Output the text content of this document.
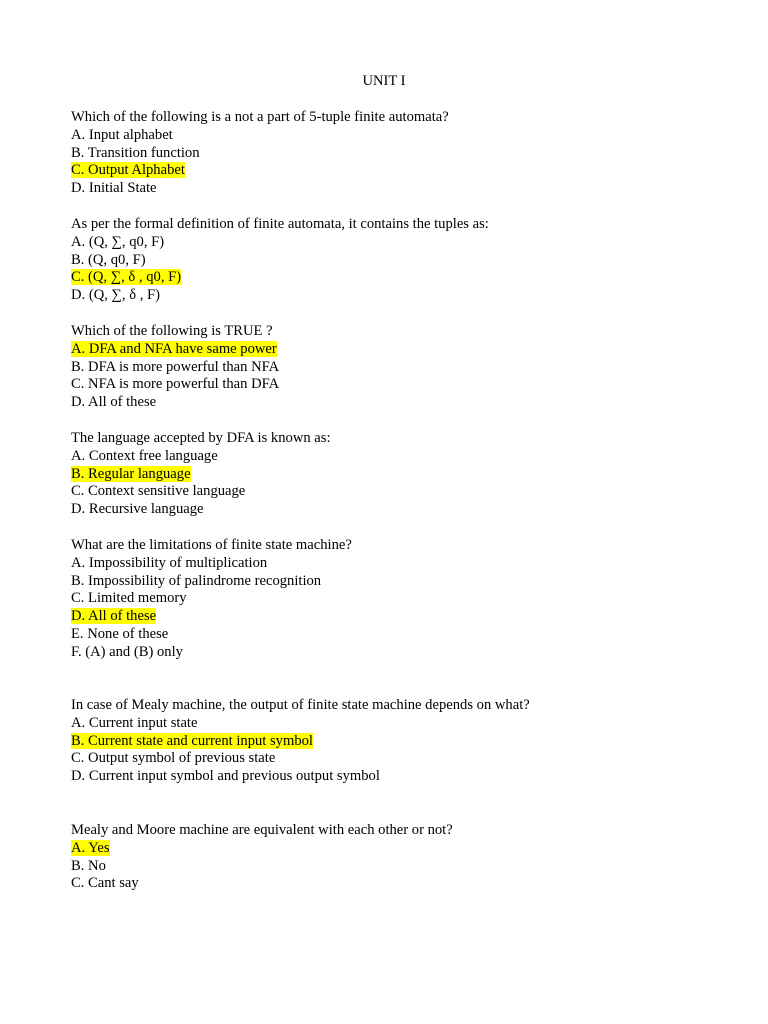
UNIT I
Which of the following is a not a part of 5-tuple finite automata?
A. Input alphabet
B. Transition function
C. Output Alphabet
D. Initial State
As per the formal definition of finite automata, it contains the tuples as:
A. (Q, ∑, q0, F)
B. (Q, q0, F)
C. (Q, ∑, δ , q0, F)
D. (Q, ∑, δ , F)
Which of the following is TRUE ?
A. DFA and NFA have same power
B. DFA is more powerful than NFA
C. NFA is more powerful than DFA
D. All of these
The language accepted by DFA is known as:
A. Context free language
B. Regular language
C. Context sensitive language
D. Recursive language
What are the limitations of finite state machine?
A. Impossibility of multiplication
B. Impossibility of palindrome recognition
C. Limited memory
D. All of these
E. None of these
F. (A) and (B) only
In case of Mealy machine, the output of finite state machine depends on what?
A. Current input state
B. Current state and current input symbol
C. Output symbol of previous state
D. Current input symbol and previous output symbol
Mealy and Moore machine are equivalent with each other or not?
A. Yes
B. No
C. Cant say
